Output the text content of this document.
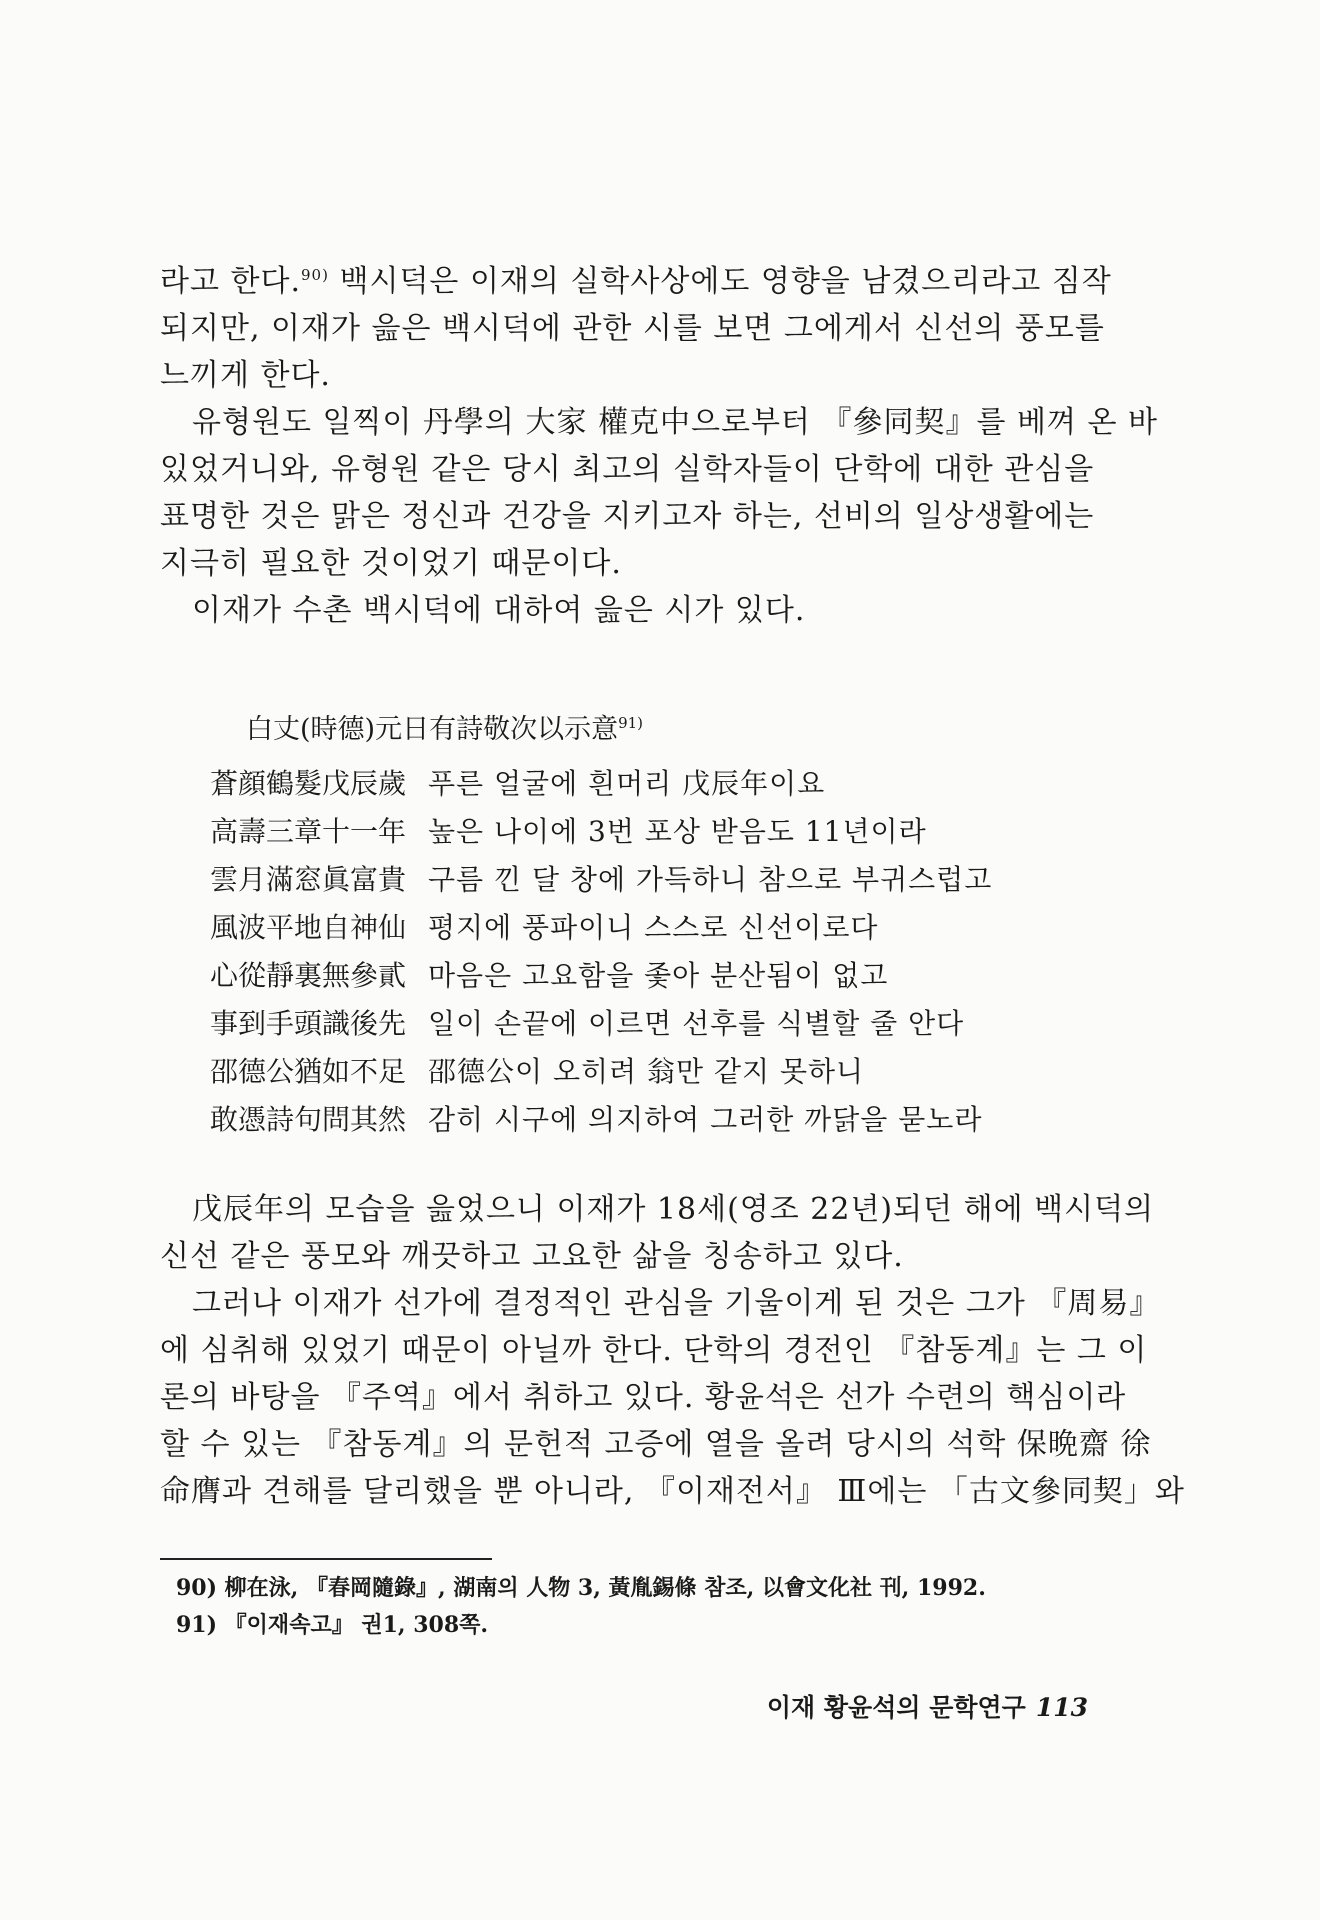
라고 한다.$^{90)}$ 백시덕은 이재의 실학사상에도 영향을 남겼으리라고 짐작
되지만, 이재가 읊은 백시덕에 관한 시를 보면 그에게서 신선의 풍모를
느끼게 한다.

유형원도 일찍이 丹學의 大家 權克中으로부터 『參同契』를 베껴 온 바
있었거니와, 유형원 같은 당시 최고의 실학자들이 단학에 대한 관심을
표명한 것은 맑은 정신과 건강을 지키고자 하는, 선비의 일상생활에는
지극히 필요한 것이었기 때문이다.

이재가 수촌 백시덕에 대하여 읊은 시가 있다.

白丈(時德)元日有詩敬次以示意$^{91)}$
蒼顔鶴髮戊辰歲 푸른 얼굴에 흰머리 戊辰年이요
高壽三章十一年 높은 나이에 3번 포상 받음도 11년이라
雲月滿窓眞富貴 구름 낀 달 창에 가득하니 참으로 부귀스럽고
風波平地自神仙 평지에 풍파이니 스스로 신선이로다
心從靜裏無參貳 마음은 고요함을 좇아 분산됨이 없고
事到手頭識後先 일이 손끝에 이르면 선후를 식별할 줄 안다
邵德公猶如不足 邵德公이 오히려 翁만 같지 못하니
敢憑詩句問其然 감히 시구에 의지하여 그러한 까닭을 묻노라

戊辰年의 모습을 읊었으니 이재가 18세(영조 22년)되던 해에 백시덕의
신선 같은 풍모와 깨끗하고 고요한 삶을 칭송하고 있다.

그러나 이재가 선가에 결정적인 관심을 기울이게 된 것은 그가 『周易』
에 심취해 있었기 때문이 아닐까 한다. 단학의 경전인 『참동계』는 그 이
론의 바탕을 『주역』에서 취하고 있다. 황윤석은 선가 수련의 핵심이라
할 수 있는 『참동계』의 문헌적 고증에 열을 올려 당시의 석학 保晩齋 徐
命膺과 견해를 달리했을 뿐 아니라, 『이재전서』 Ⅲ에는 「古文參同契」와

90) 柳在泳, 『春岡隨錄』, 湖南의 人物 3, 黃胤錫條 참조, 以會文化社 刊, 1992.
91) 『이재속고』 권1, 308쪽.
이재 황윤석의 문학연구 113
